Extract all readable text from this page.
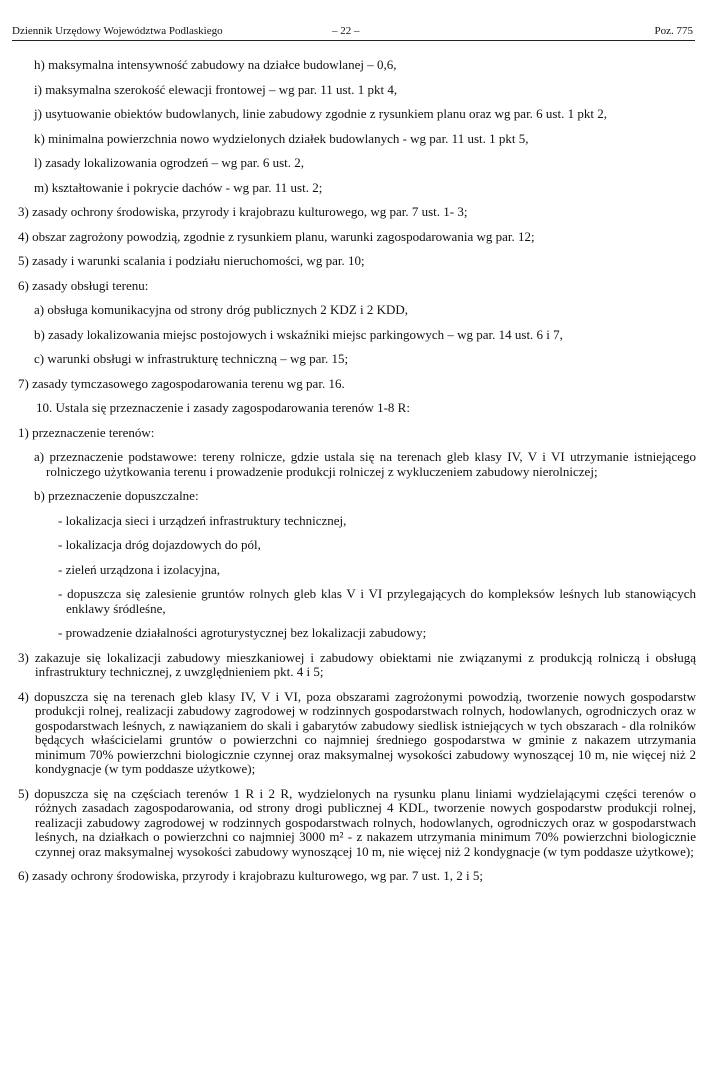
Dziennik Urzędowy Województwa Podlaskiego	– 22 –	Poz. 775

h) maksymalna intensywność zabudowy na działce budowlanej – 0,6,

i) maksymalna szerokość elewacji frontowej – wg par. 11 ust. 1 pkt 4,

j) usytuowanie obiektów budowlanych, linie zabudowy zgodnie z rysunkiem planu oraz wg par. 6 ust. 1 pkt 2,

k) minimalna powierzchnia nowo wydzielonych działek budowlanych - wg par. 11 ust. 1 pkt 5,

l) zasady lokalizowania ogrodzeń – wg par. 6 ust. 2,

m) kształtowanie i pokrycie dachów - wg par. 11 ust. 2;

3) zasady ochrony środowiska, przyrody i krajobrazu kulturowego, wg par. 7 ust. 1- 3;

4) obszar zagrożony powodzią, zgodnie z rysunkiem planu, warunki zagospodarowania wg par. 12;

5) zasady i warunki scalania i podziału nieruchomości, wg par. 10;

6) zasady obsługi terenu:

a) obsługa komunikacyjna od strony dróg publicznych 2 KDZ i 2 KDD,

b) zasady lokalizowania miejsc postojowych i wskaźniki miejsc parkingowych – wg par. 14 ust. 6 i 7,

c) warunki obsługi w infrastrukturę techniczną – wg par. 15;

7) zasady tymczasowego zagospodarowania terenu wg par. 16.

10. Ustala się przeznaczenie i zasady zagospodarowania terenów 1-8 R:

1) przeznaczenie terenów:

a) przeznaczenie podstawowe: tereny rolnicze, gdzie ustala się na terenach gleb klasy IV, V i VI utrzymanie istniejącego rolniczego użytkowania terenu i prowadzenie produkcji rolniczej z wykluczeniem zabudowy nierolniczej;

b) przeznaczenie dopuszczalne:

- lokalizacja sieci i urządzeń infrastruktury technicznej,

- lokalizacja dróg dojazdowych do pól,

- zieleń urządzona i izolacyjna,

- dopuszcza się zalesienie gruntów rolnych gleb klas V i VI przylegających do kompleksów leśnych lub stanowiących enklawy śródleśne,

- prowadzenie działalności agroturystycznej bez lokalizacji zabudowy;

3) zakazuje się lokalizacji zabudowy mieszkaniowej i zabudowy obiektami nie związanymi z produkcją rolniczą i obsługą infrastruktury technicznej, z uwzględnieniem pkt. 4 i 5;

4) dopuszcza się na terenach gleb klasy IV, V i VI, poza obszarami zagrożonymi powodzią, tworzenie nowych gospodarstw produkcji rolnej, realizacji zabudowy zagrodowej w rodzinnych gospodarstwach rolnych, hodowlanych, ogrodniczych oraz w gospodarstwach leśnych, z nawiązaniem do skali i gabarytów zabudowy siedlisk istniejących w tych obszarach - dla rolników będących właścicielami gruntów o powierzchni co najmniej średniego gospodarstwa w gminie z nakazem utrzymania minimum 70% powierzchni biologicznie czynnej oraz maksymalnej wysokości zabudowy wynoszącej 10 m, nie więcej niż 2 kondygnacje (w tym poddasze użytkowe);

5) dopuszcza się na częściach terenów 1 R i 2 R, wydzielonych na rysunku planu liniami wydzielającymi części terenów o różnych zasadach zagospodarowania, od strony drogi publicznej 4 KDL, tworzenie nowych gospodarstw produkcji rolnej, realizacji zabudowy zagrodowej w rodzinnych gospodarstwach rolnych, hodowlanych, ogrodniczych oraz w gospodarstwach leśnych, na działkach o powierzchni co najmniej 3000 m² - z nakazem utrzymania minimum 70% powierzchni biologicznie czynnej oraz maksymalnej wysokości zabudowy wynoszącej 10 m, nie więcej niż 2 kondygnacje (w tym poddasze użytkowe);

6) zasady ochrony środowiska, przyrody i krajobrazu kulturowego, wg par. 7 ust. 1, 2 i 5;
